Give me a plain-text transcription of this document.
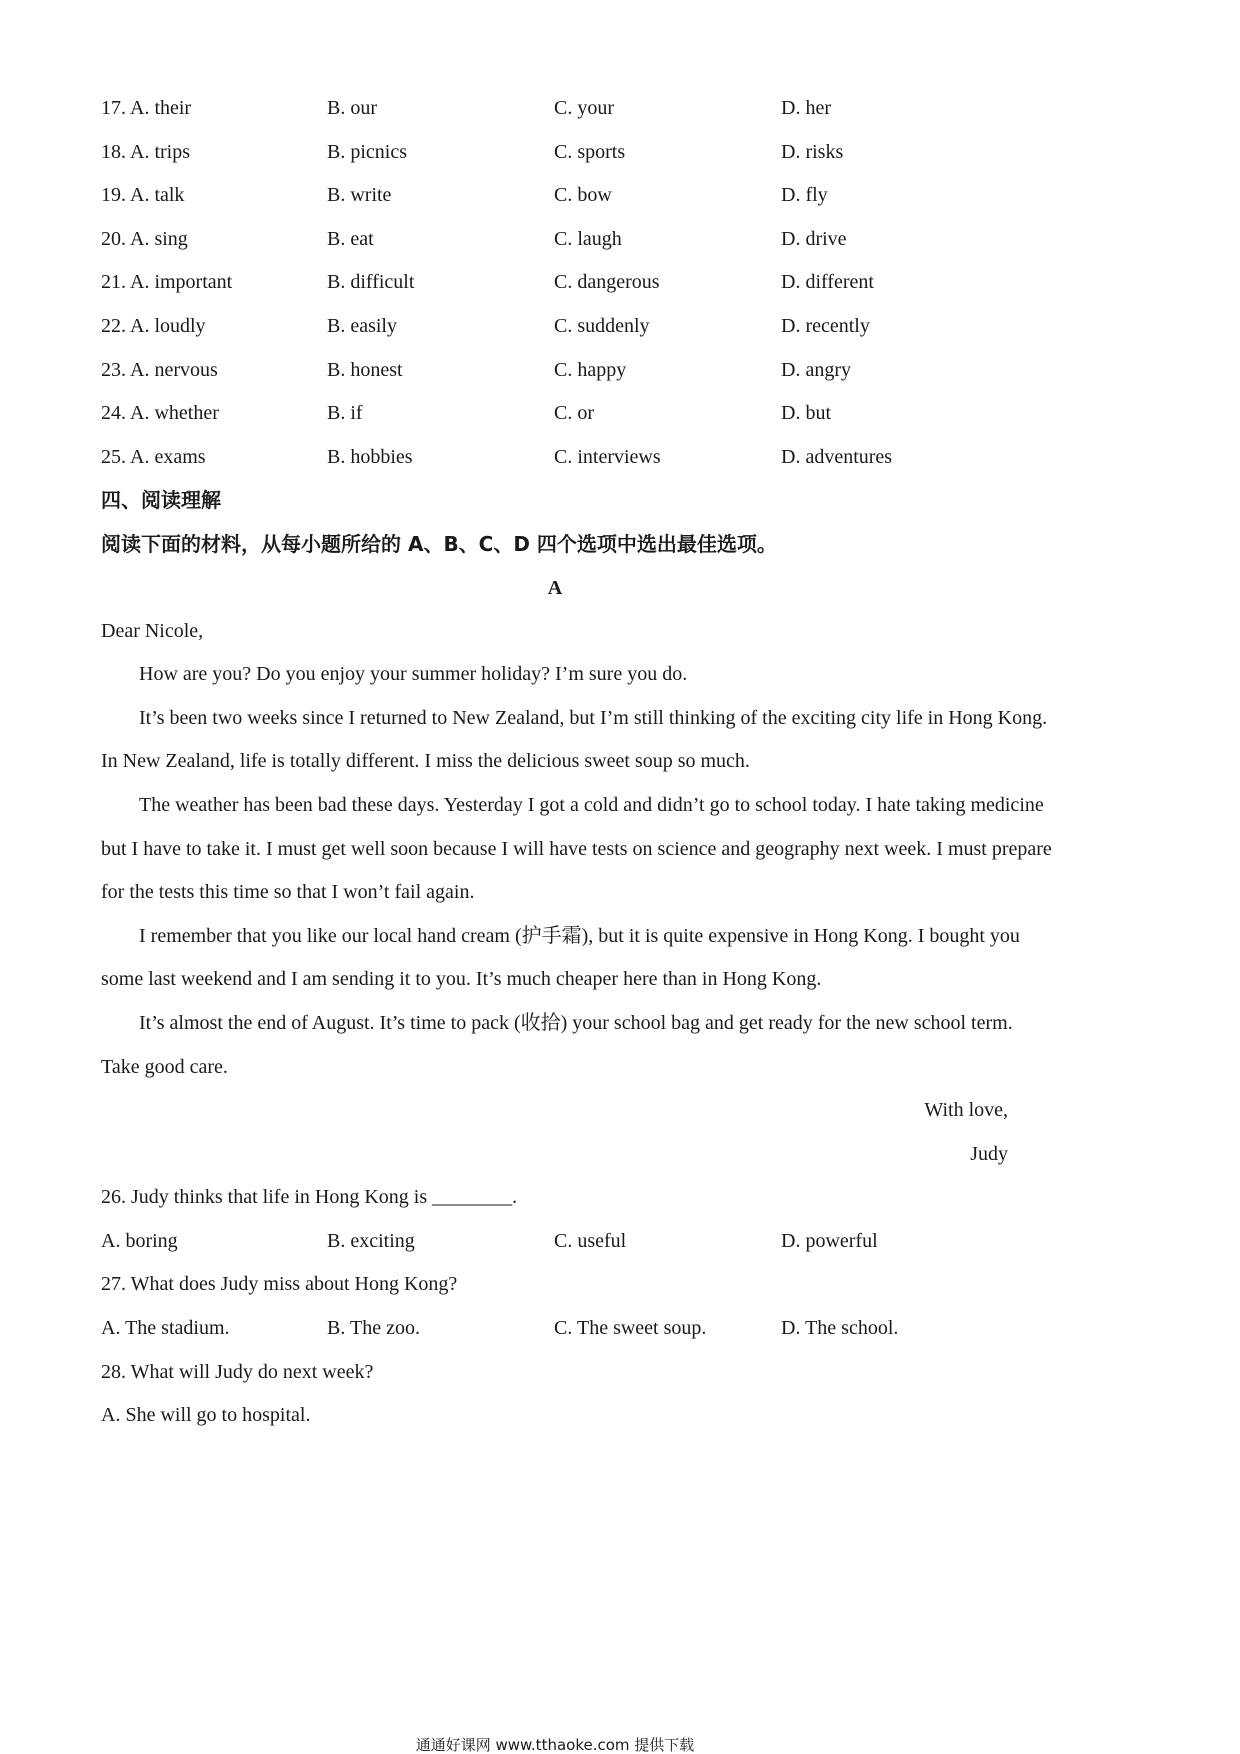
17. A. their	B. our	C. your	D. her
18. A. trips	B. picnics	C. sports	D. risks
19. A. talk	B. write	C. bow	D. fly
20. A. sing	B. eat	C. laugh	D. drive
21. A. important	B. difficult	C. dangerous	D. different
22. A. loudly	B. easily	C. suddenly	D. recently
23. A. nervous	B. honest	C. happy	D. angry
24. A. whether	B. if	C. or	D. but
25. A. exams	B. hobbies	C. interviews	D. adventures
四、阅读理解
阅读下面的材料，从每小题所给的 A、B、C、D 四个选项中选出最佳选项。
A
Dear Nicole,
How are you? Do you enjoy your summer holiday? I’m sure you do.
It’s been two weeks since I returned to New Zealand, but I’m still thinking of the exciting city life in Hong Kong.
In New Zealand, life is totally different. I miss the delicious sweet soup so much.
The weather has been bad these days. Yesterday I got a cold and didn’t go to school today. I hate taking medicine
but I have to take it. I must get well soon because I will have tests on science and geography next week. I must prepare
for the tests this time so that I won’t fail again.
I remember that you like our local hand cream (护手霜), but it is quite expensive in Hong Kong. I bought you
some last weekend and I am sending it to you. It’s much cheaper here than in Hong Kong.
It’s almost the end of August. It’s time to pack (收拾) your school bag and get ready for the new school term.
Take good care.
With love,
Judy
26. Judy thinks that life in Hong Kong is ________.
A. boring	B. exciting	C. useful	D. powerful
27. What does Judy miss about Hong Kong?
A. The stadium.	B. The zoo.	C. The sweet soup.	D. The school.
28. What will Judy do next week?
A. She will go to hospital.
通通好课网 www.tthaoke.com 提供下载
